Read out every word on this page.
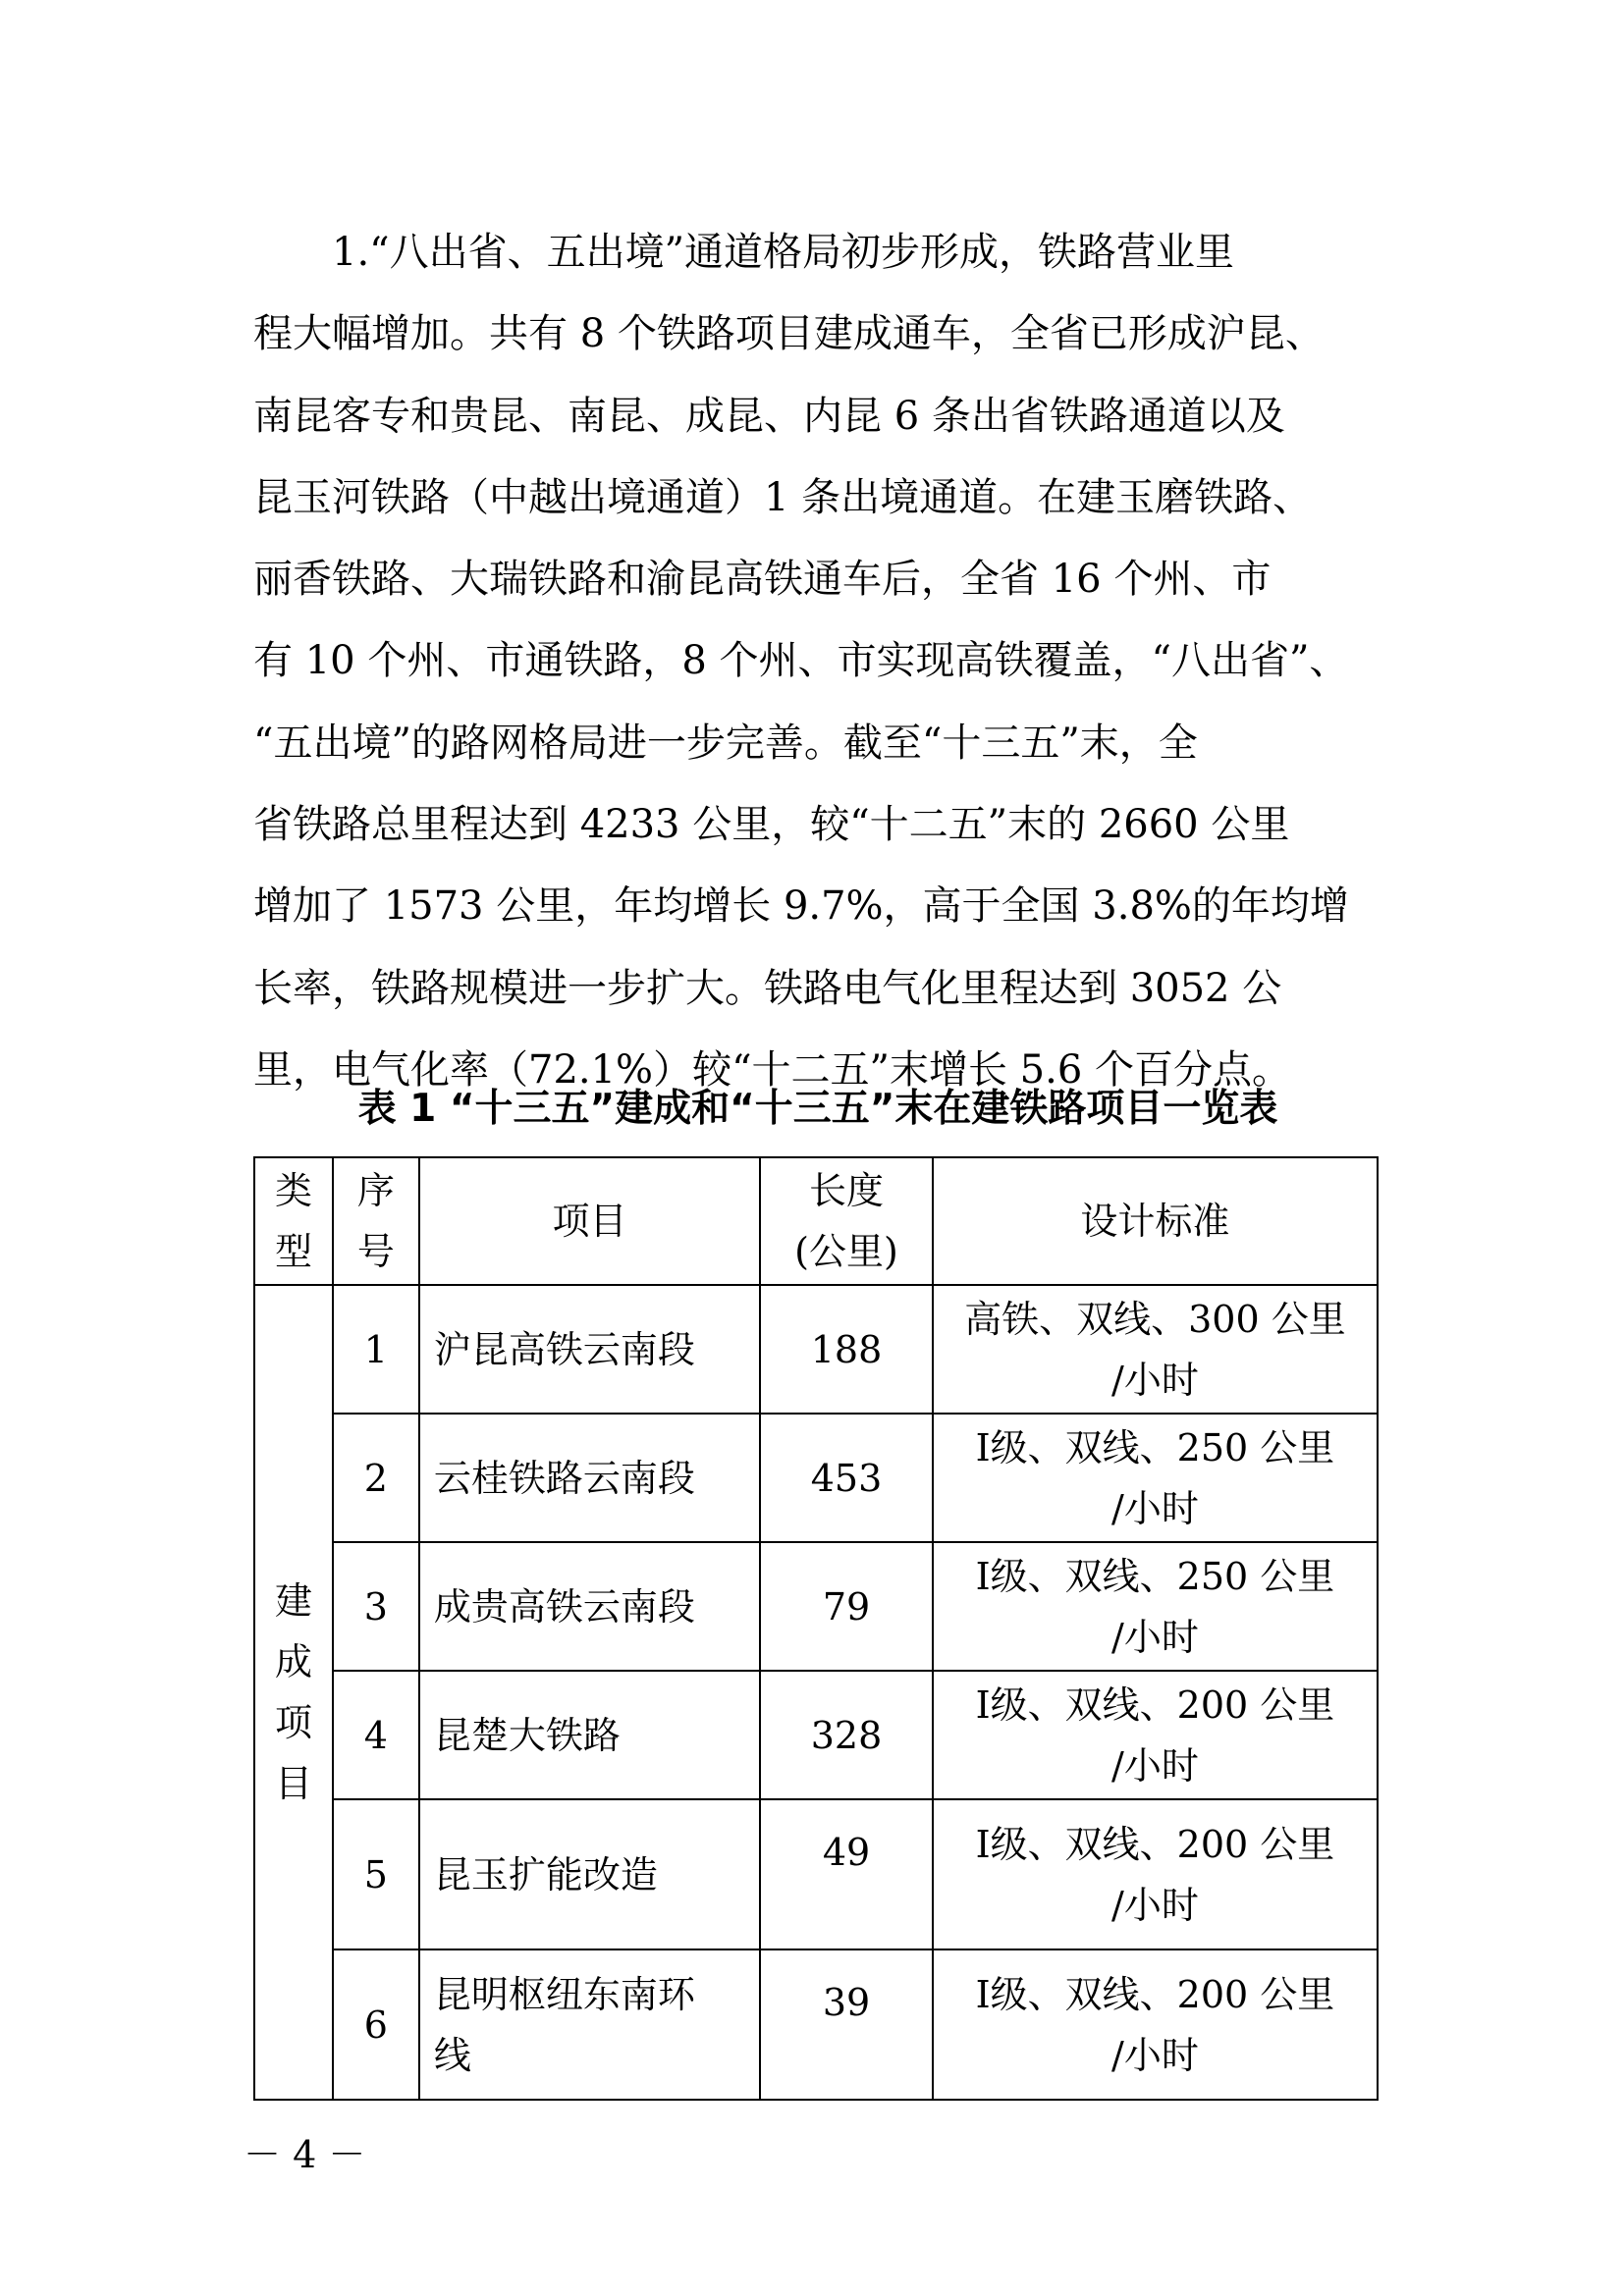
1.“八出省、五出境”通道格局初步形成，铁路营业里
程大幅增加。共有 8 个铁路项目建成通车，全省已形成沪昆、
南昆客专和贵昆、南昆、成昆、内昆 6 条出省铁路通道以及
昆玉河铁路（中越出境通道）1 条出境通道。在建玉磨铁路、
丽香铁路、大瑞铁路和渝昆高铁通车后，全省 16 个州、市
有 10 个州、市通铁路，8 个州、市实现高铁覆盖，“八出省”、
“五出境”的路网格局进一步完善。截至“十三五”末，全
省铁路总里程达到 4233 公里，较“十二五”末的 2660 公里
增加了 1573 公里，年均增长 9.7%，高于全国 3.8%的年均增
长率，铁路规模进一步扩大。铁路电气化里程达到 3052 公
里，电气化率（72.1%）较“十二五”末增长 5.6 个百分点。

表 1 “十三五”建成和“十三五”末在建铁路项目一览表

类
型	序
号	项目	长度
(公里)	设计标准
建
成
项
目	1	沪昆高铁云南段	188	高铁、双线、300 公里
/小时
	2	云桂铁路云南段	453	Ⅰ级、双线、250 公里
/小时
	3	成贵高铁云南段	79	Ⅰ级、双线、250 公里
/小时
	4	昆楚大铁路	328	Ⅰ级、双线、200 公里
/小时
	5	昆玉扩能改造	49	Ⅰ级、双线、200 公里
/小时
	6	昆明枢纽东南环
线	39	Ⅰ级、双线、200 公里
/小时

－ 4 －
